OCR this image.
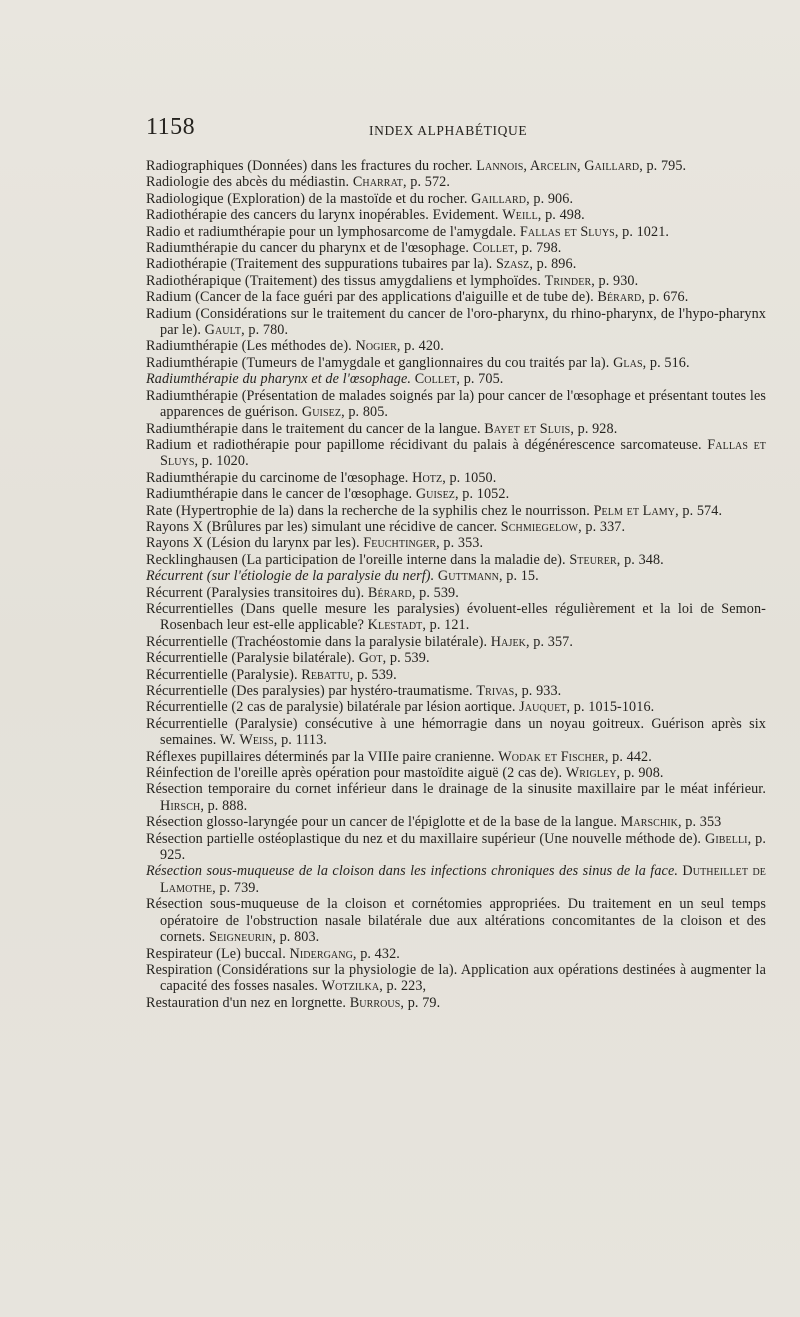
1158	INDEX ALPHABÉTIQUE
Radiographiques (Données) dans les fractures du rocher. Lannois, Arcelin, Gaillard, p. 795.
Radiologie des abcès du médiastin. Charrat, p. 572.
Radiologique (Exploration) de la mastoïde et du rocher. Gaillard, p. 906.
Radiothérapie des cancers du larynx inopérables. Evidement. Weill, p. 498.
Radio et radiumthérapie pour un lymphosarcome de l'amygdale. Fallas et Sluys, p. 1021.
Radiumthérapie du cancer du pharynx et de l'œsophage. Collet, p. 798.
Radiothérapie (Traitement des suppurations tubaires par la). Szasz, p. 896.
Radiothérapique (Traitement) des tissus amygdaliens et lymphoïdes. Trinder, p. 930.
Radium (Cancer de la face guéri par des applications d'aiguille et de tube de). Bérard, p. 676.
Radium (Considérations sur le traitement du cancer de l'oro-pharynx, du rhino-pharynx, de l'hypo-pharynx par le). Gault, p. 780.
Radiumthérapie (Les méthodes de). Nogier, p. 420.
Radiumthérapie (Tumeurs de l'amygdale et ganglionnaires du cou traités par la). Glas, p. 516.
Radiumthérapie du pharynx et de l'œsophage. Collet, p. 705.
Radiumthérapie (Présentation de malades soignés par la) pour cancer de l'œsophage et présentant toutes les apparences de guérison. Guisez, p. 805.
Radiumthérapie dans le traitement du cancer de la langue. Bayet et Sluis, p. 928.
Radium et radiothérapie pour papillome récidivant du palais à dégénérescence sarcomateuse. Fallas et Sluys, p. 1020.
Radiumthérapie du carcinome de l'œsophage. Hotz, p. 1050.
Radiumthérapie dans le cancer de l'œsophage. Guisez, p. 1052.
Rate (Hypertrophie de la) dans la recherche de la syphilis chez le nourrisson. Pelm et Lamy, p. 574.
Rayons X (Brûlures par les) simulant une récidive de cancer. Schmiegelow, p. 337.
Rayons X (Lésion du larynx par les). Feuchtinger, p. 353.
Recklinghausen (La participation de l'oreille interne dans la maladie de). Steurer, p. 348.
Récurrent (sur l'étiologie de la paralysie du nerf). Guttmann, p. 15.
Récurrent (Paralysies transitoires du). Bérard, p. 539.
Récurrentielles (Dans quelle mesure les paralysies) évoluent-elles régulièrement et la loi de Semon-Rosenbach leur est-elle applicable? Klestadt, p. 121.
Récurrentielle (Trachéostomie dans la paralysie bilatérale). Hajek, p. 357.
Récurrentielle (Paralysie bilatérale). Got, p. 539.
Récurrentielle (Paralysie). Rebattu, p. 539.
Récurrentielle (Des paralysies) par hystéro-traumatisme. Trivas, p. 933.
Récurrentielle (2 cas de paralysie) bilatérale par lésion aortique. Jauquet, p. 1015-1016.
Récurrentielle (Paralysie) consécutive à une hémorragie dans un noyau goitreux. Guérison après six semaines. W. Weiss, p. 1113.
Réflexes pupillaires déterminés par la VIIIe paire cranienne. Wodak et Fischer, p. 442.
Réinfection de l'oreille après opération pour mastoïdite aiguë (2 cas de). Wrigley, p. 908.
Résection temporaire du cornet inférieur dans le drainage de la sinusite maxillaire par le méat inférieur. Hirsch, p. 888.
Résection glosso-laryngée pour un cancer de l'épiglotte et de la base de la langue. Marschik, p. 353
Résection partielle ostéoplastique du nez et du maxillaire supérieur (Une nouvelle méthode de). Gibelli, p. 925.
Résection sous-muqueuse de la cloison dans les infections chroniques des sinus de la face. Dutheillet de Lamothe, p. 739.
Résection sous-muqueuse de la cloison et cornétomies appropriées. Du traitement en un seul temps opératoire de l'obstruction nasale bilatérale due aux altérations concomitantes de la cloison et des cornets. Seigneurin, p. 803.
Respirateur (Le) buccal. Nidergang, p. 432.
Respiration (Considérations sur la physiologie de la). Application aux opérations destinées à augmenter la capacité des fosses nasales. Wotzilka, p. 223,
Restauration d'un nez en lorgnette. Burrous, p. 79.
